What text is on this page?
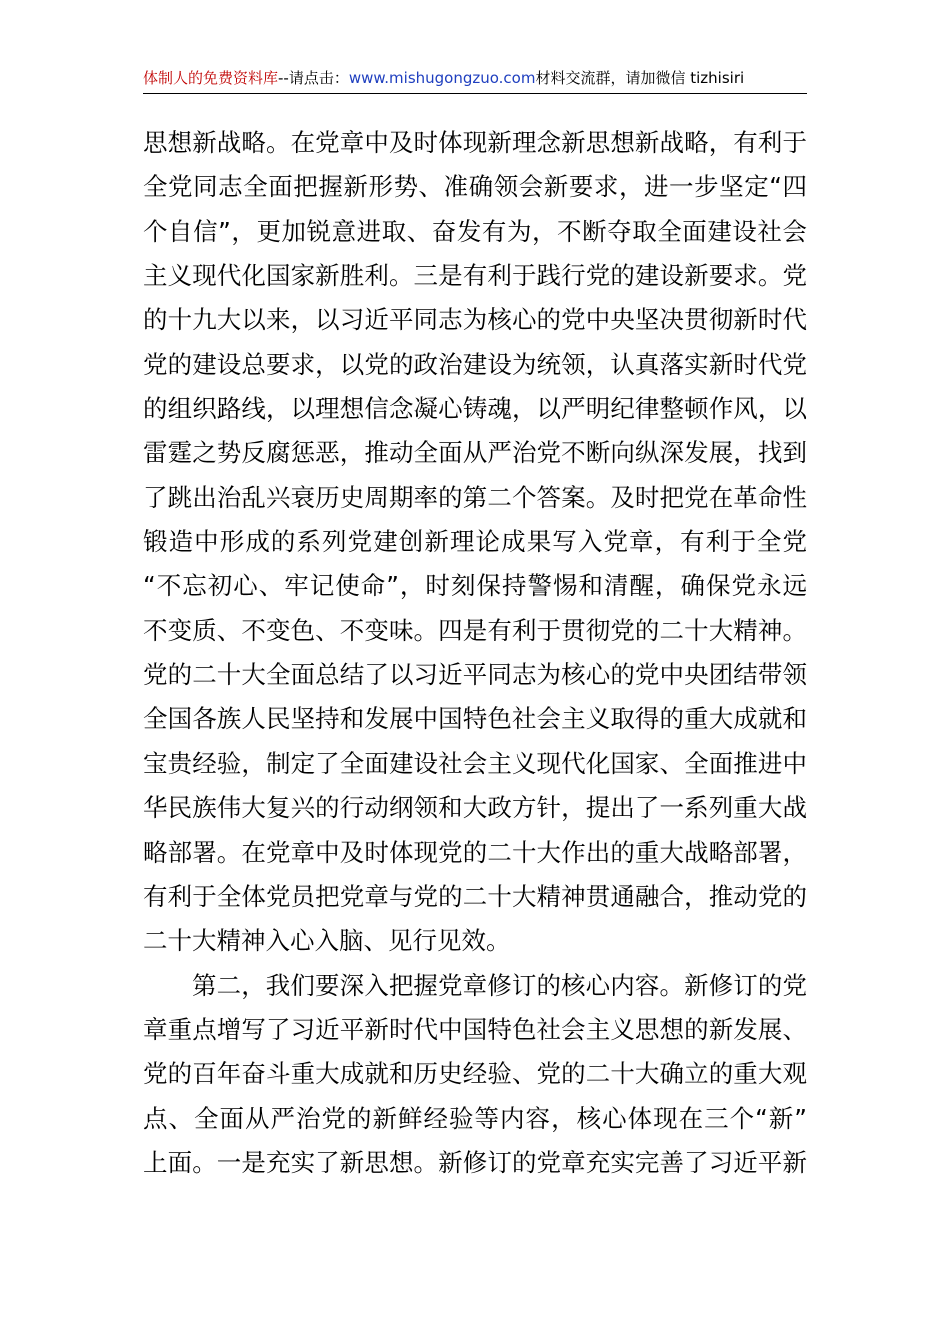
体制人的免费资料库--请点击：www.mishugongzuo.com材料交流群，请加微信 tizhisiri
思想新战略。在党章中及时体现新理念新思想新战略，有利于
全党同志全面把握新形势、准确领会新要求，进一步坚定“四
个自信”，更加锐意进取、奋发有为，不断夺取全面建设社会
主义现代化国家新胜利。三是有利于践行党的建设新要求。党
的十九大以来，以习近平同志为核心的党中央坚决贯彻新时代
党的建设总要求，以党的政治建设为统领，认真落实新时代党
的组织路线，以理想信念凝心铸魂，以严明纪律整顿作风，以
雷霆之势反腐惩恶，推动全面从严治党不断向纵深发展，找到
了跳出治乱兴衰历史周期率的第二个答案。及时把党在革命性
锻造中形成的系列党建创新理论成果写入党章，有利于全党
“不忘初心、牢记使命”，时刻保持警惕和清醒，确保党永远
不变质、不变色、不变味。四是有利于贯彻党的二十大精神。
党的二十大全面总结了以习近平同志为核心的党中央团结带领
全国各族人民坚持和发展中国特色社会主义取得的重大成就和
宝贵经验，制定了全面建设社会主义现代化国家、全面推进中
华民族伟大复兴的行动纲领和大政方针，提出了一系列重大战
略部署。在党章中及时体现党的二十大作出的重大战略部署，
有利于全体党员把党章与党的二十大精神贯通融合，推动党的
二十大精神入心入脑、见行见效。
第二，我们要深入把握党章修订的核心内容。新修订的党
章重点增写了习近平新时代中国特色社会主义思想的新发展、
党的百年奋斗重大成就和历史经验、党的二十大确立的重大观
点、全面从严治党的新鲜经验等内容，核心体现在三个“新”
上面。一是充实了新思想。新修订的党章充实完善了习近平新
